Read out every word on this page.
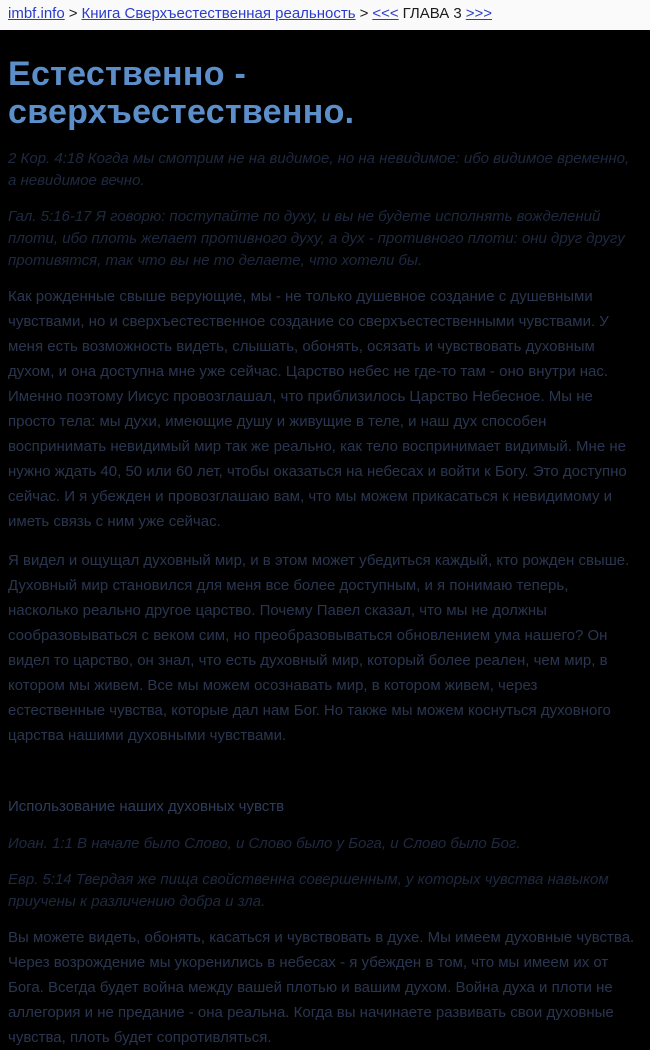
imbf.info > Книга Сверхъестественная реальность > <<< ГЛАВА 3 >>>
Естественно - сверхъестественно.

2 Кор. 4:18 Когда мы смотрим не на видимое, но на невидимое: ибо видимое временно, а невидимое вечно.

Гал. 5:16-17 Я говорю: поступайте по духу, и вы не будете исполнять вожделений плоти, ибо плоть желает противного духу, а дух - противного плоти: они друг другу противятся, так что вы не то делаете, что хотели бы.

Как рожденные свыше верующие, мы - не только душевное создание с душевными чувствами, но и сверхъестественное создание со сверхъестественными чувствами. У меня есть возможность видеть, слышать, обонять, осязать и чувствовать духовным духом, и она доступна мне уже сейчас. Царство небес не где-то там - оно внутри нас. Именно поэтому Иисус провозглашал, что приблизилось Царство Небесное. Мы не просто тела: мы духи, имеющие душу и живущие в теле, и наш дух способен воспринимать невидимый мир так же реально, как тело воспринимает видимый. Мне не нужно ждать 40, 50 или 60 лет, чтобы оказаться на небесах и войти к Богу. Это доступно сейчас. И я убежден и провозглашаю вам, что мы можем прикасаться к невидимому и иметь связь с ним уже сейчас.

Я видел и ощущал духовный мир, и в этом может убедиться каждый, кто рожден свыше. Духовный мир становился для меня все более доступным, и я понимаю теперь, насколько реально другое царство. Почему Павел сказал, что мы не должны сообразовываться с веком сим, но преобразовываться обновлением ума нашего? Он видел то царство, он знал, что есть духовный мир, который более реален, чем мир, в котором мы живем. Все мы можем осознавать мир, в котором живем, через естественные чувства, которые дал нам Бог. Но также мы можем коснуться духовного царства нашими духовными чувствами.

Использование наших духовных чувств

Иоан. 1:1 В начале было Слово, и Слово было у Бога, и Слово было Бог.

Евр. 5:14 Твердая же пища свойственна совершенным, у которых чувства навыком приучены к различению добра и зла.

Вы можете видеть, обонять, касаться и чувствовать в духе. Мы имеем духовные чувства. Через возрождение мы укоренились в небесах - я убежден в том, что мы имеем их от Бога. Всегда будет война между вашей плотью и вашим духом. Война духа и плоти не аллегория и не предание - она реальна. Когда вы начинаете развивать свои духовные чувства, плоть будет сопротивляться.
